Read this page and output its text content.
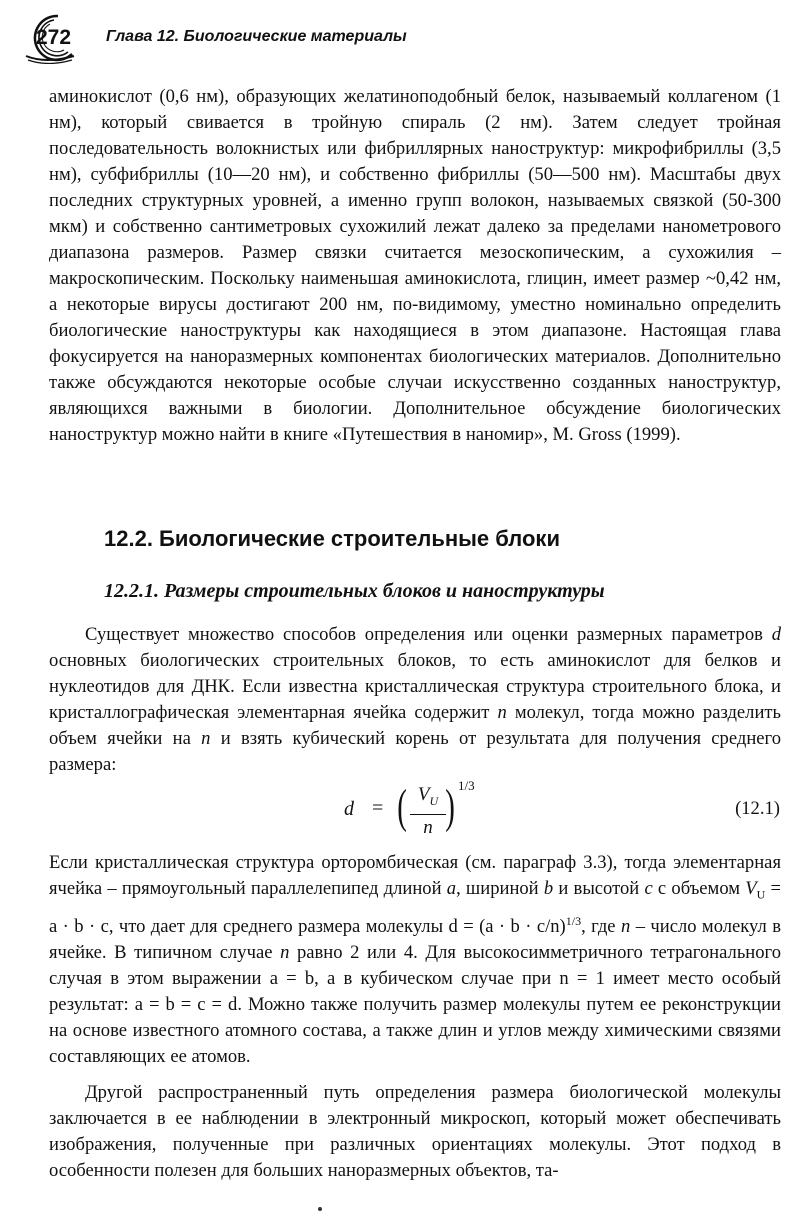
272 Глава 12. Биологические материалы

аминокислот (0,6 нм), образующих желатиноподобный белок, называемый коллагеном (1 нм), который свивается в тройную спираль (2 нм). Затем следует тройная последовательность волокнистых или фибриллярных наноструктур: микрофибриллы (3,5 нм), субфибриллы (10—20 нм), и собственно фибриллы (50—500 нм). Масштабы двух последних структурных уровней, а именно групп волокон, называемых связкой (50-300 мкм) и собственно сантиметровых сухожилий лежат далеко за пределами нанометрового диапазона размеров. Размер связки считается мезоскопическим, а сухожилия – макроскопическим. Поскольку наименьшая аминокислота, глицин, имеет размер ~0,42 нм, а некоторые вирусы достигают 200 нм, по-видимому, уместно номинально определить биологические наноструктуры как находящиеся в этом диапазоне. Настоящая глава фокусируется на наноразмерных компонентах биологических материалов. Дополнительно также обсуждаются некоторые особые случаи искусственно созданных наноструктур, являющихся важными в биологии. Дополнительное обсуждение биологических наноструктур можно найти в книге «Путешествия в наномир», M. Gross (1999).

12.2. Биологические строительные блоки
12.2.1. Размеры строительных блоков и наноструктуры

Существует множество способов определения или оценки размерных параметров d основных биологических строительных блоков, то есть аминокислот для белков и нуклеотидов для ДНК. Если известна кристаллическая структура строительного блока, и кристаллографическая элементарная ячейка содержит n молекул, тогда можно разделить объем ячейки на n и взять кубический корень от результата для получения среднего размера:

d = ( $V_U$
n ) 1/3
(12.1)

Если кристаллическая структура орторомбическая (см. параграф 3.3), тогда элементарная ячейка – прямоугольный параллелепипед длиной a, шириной b и высотой c с объемом $V_U = a \cdot b \cdot c$, что дает для среднего размера молекулы $d = (a \cdot b \cdot c/n)^{1/3}$, где n – число молекул в ячейке. В типичном случае n равно 2 или 4. Для высокосимметричного тетрагонального случая в этом выражении a = b, а в кубическом случае при n = 1 имеет место особый результат: a = b = c = d. Можно также получить размер молекулы путем ее реконструкции на основе известного атомного состава, а также длин и углов между химическими связями составляющих ее атомов.

Другой распространенный путь определения размера биологической молекулы заключается в ее наблюдении в электронный микроскоп, который может обеспечивать изображения, полученные при различных ориентациях молекулы. Этот подход в особенности полезен для больших наноразмерных объектов, та-
